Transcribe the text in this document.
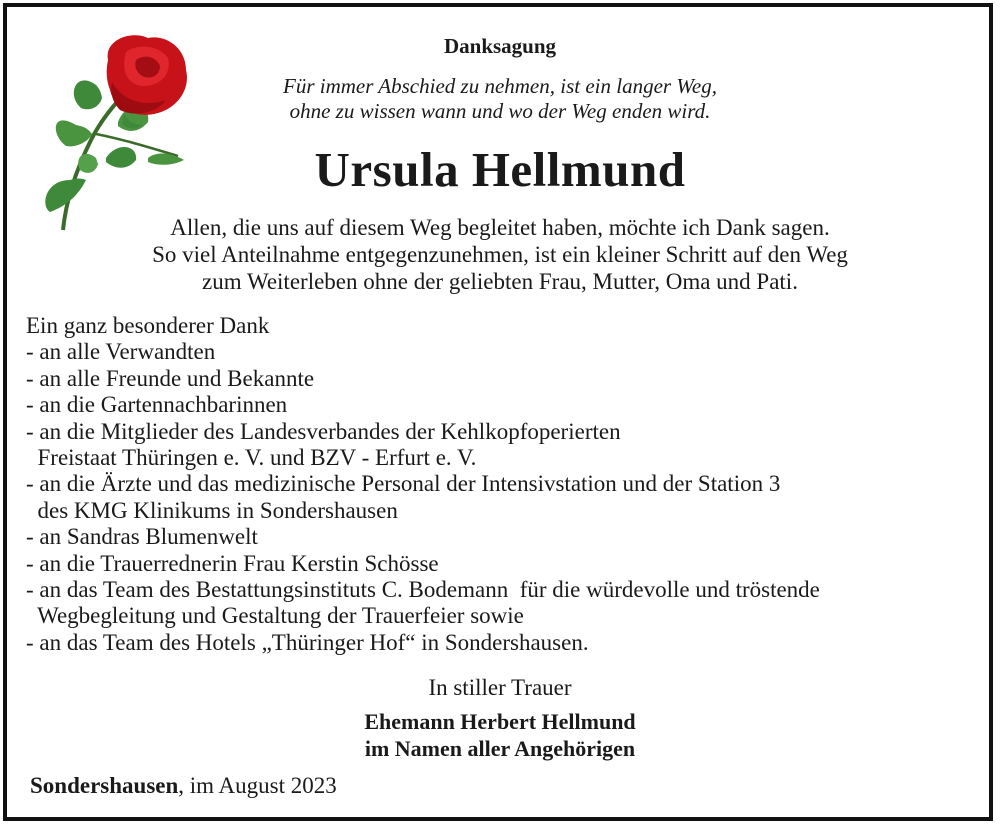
Danksagung
Für immer Abschied zu nehmen, ist ein langer Weg,
ohne zu wissen wann und wo der Weg enden wird.
Ursula Hellmund
Allen, die uns auf diesem Weg begleitet haben, möchte ich Dank sagen.
So viel Anteilnahme entgegenzunehmen, ist ein kleiner Schritt auf den Weg
zum Weiterleben ohne der geliebten Frau, Mutter, Oma und Pati.
Ein ganz besonderer Dank
- an alle Verwandten
- an alle Freunde und Bekannte
- an die Gartennachbarinnen
- an die Mitglieder des Landesverbandes der Kehlkopfoperierten
Freistaat Thüringen e. V. und BZV - Erfurt e. V.
- an die Ärzte und das medizinische Personal der Intensivstation und der Station 3
des KMG Klinikums in Sondershausen
- an Sandras Blumenwelt
- an die Trauerrednerin Frau Kerstin Schösse
- an das Team des Bestattungsinstituts C. Bodemann  für die würdevolle und tröstende
Wegbegleitung und Gestaltung der Trauerfeier sowie
- an das Team des Hotels „Thüringer Hof“ in Sondershausen.
In stiller Trauer
Ehemann Herbert Hellmund
im Namen aller Angehörigen
Sondershausen, im August 2023
